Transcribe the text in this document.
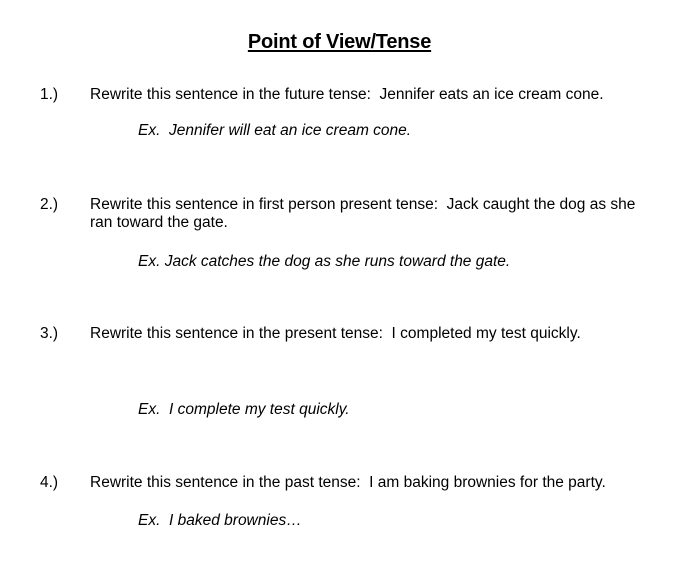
Point of View/Tense
1.) Rewrite this sentence in the future tense:  Jennifer eats an ice cream cone.
Ex.  Jennifer will eat an ice cream cone.
2.) Rewrite this sentence in first person present tense:  Jack caught the dog as she ran toward the gate.
Ex. Jack catches the dog as she runs toward the gate.
3.) Rewrite this sentence in the present tense:  I completed my test quickly.
Ex.  I complete my test quickly.
4.) Rewrite this sentence in the past tense:  I am baking brownies for the party.
Ex.  I baked brownies…
